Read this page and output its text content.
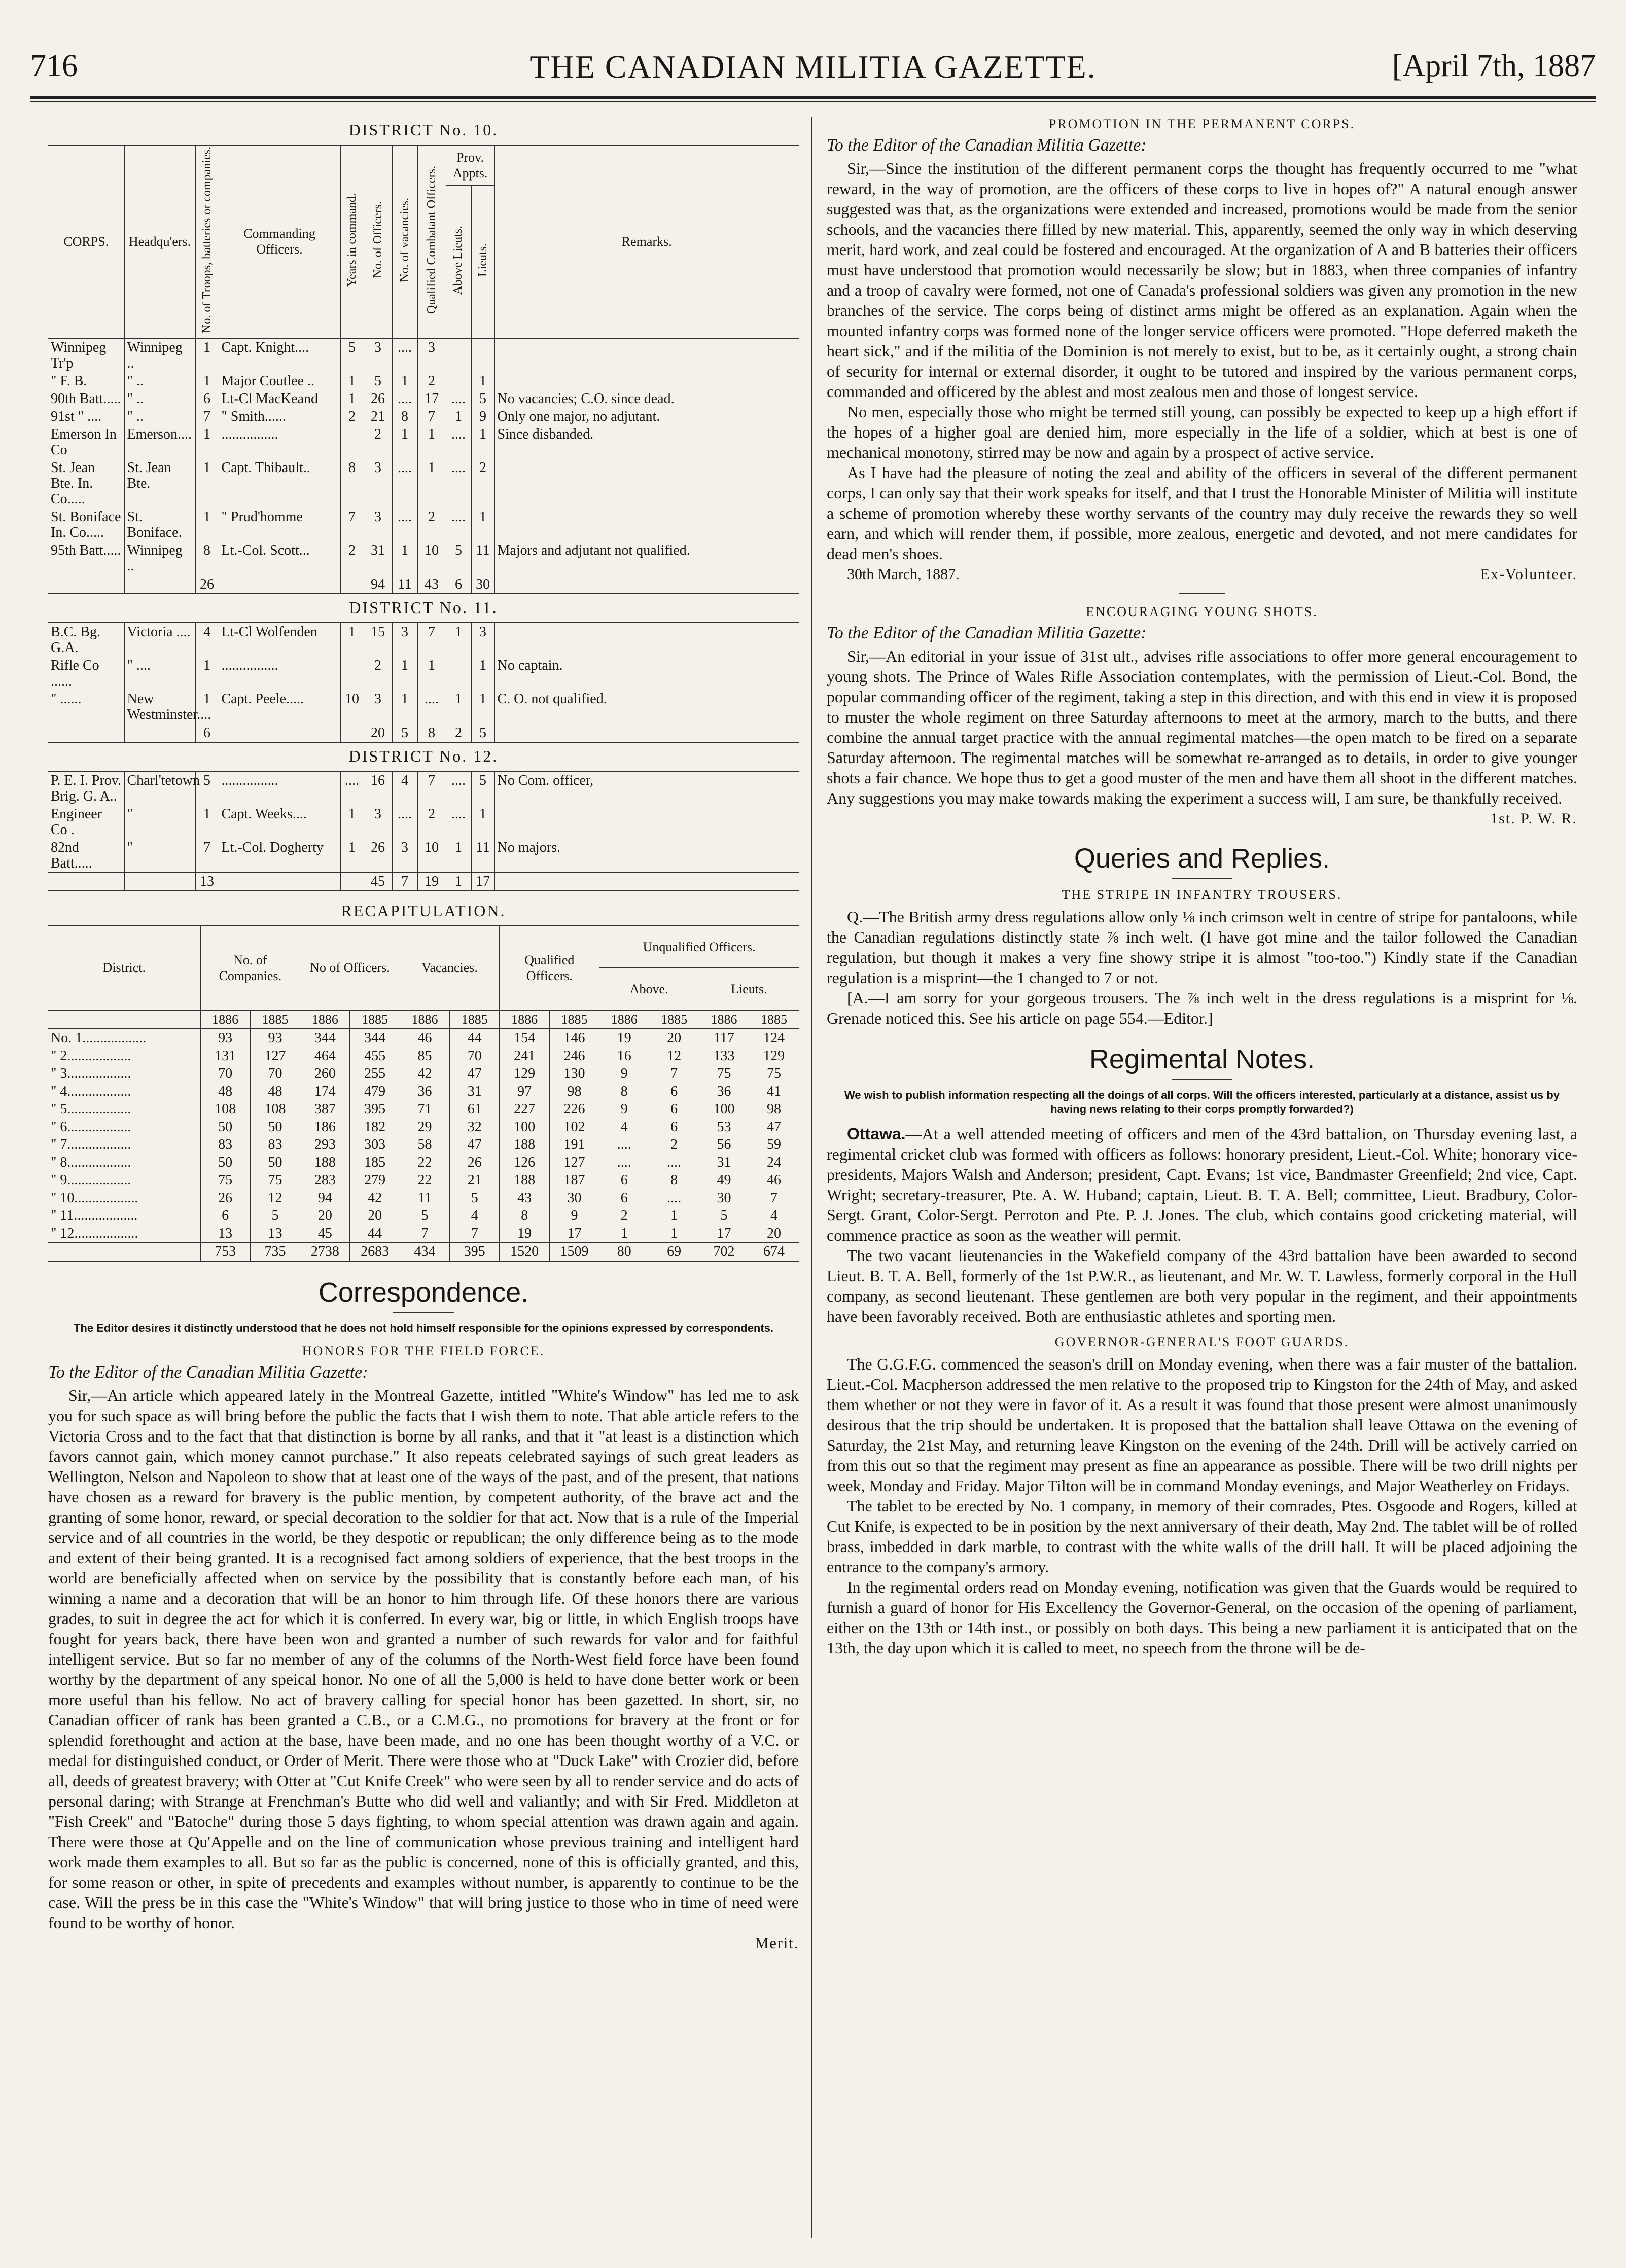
716	THE CANADIAN MILITIA GAZETTE.	[April 7th, 1887
DISTRICT No. 10.
CORPS.	Headqu'ers.	No. of Troops, batteries or companies.	Commanding Officers.	Years in command.	No. of Officers.	No. of vacancies.	Qualified Combatant Officers.	Prov. Appts.		Remarks.
								Above Lieuts.	Lieuts.	
Winnipeg Tr'p	Winnipeg ..	1	Capt. Knight....	5	3	....	3			
" F. B.	" ..	1	Major Coutlee ..	1	5	1	2		1	
90th Batt.....	" ..	6	Lt-Cl MacKeand	1	26	....	17	....	5	No vacancies; C.O. since dead.
91st " ....	" ..	7	" Smith......	2	21	8	7	1	9	Only one major, no adjutant.
Emerson In Co	Emerson....	1	................		2	1	1	....	1	Since disbanded.
St. Jean Bte. In. Co.....	St. Jean Bte.	1	Capt. Thibault..	8	3	....	1	....	2	
St. Boniface In. Co.....	St. Boniface.	1	" Prud'homme	7	3	....	2	....	1	
95th Batt.....	Winnipeg ..	8	Lt.-Col. Scott...	2	31	1	10	5	11	Majors and adjutant not qualified.
		26			94	11	43	6	30	
DISTRICT No. 11.
B.C. Bg. G.A.	Victoria ....	4	Lt-Cl Wolfenden	1	15	3	7	1	3	
Rifle Co ......	" ....	1	................		2	1	1		1	No captain.
" ......	New Westminster....	1	Capt. Peele.....	10	3	1	....	1	1	C. O. not qualified.
		6			20	5	8	2	5	
DISTRICT No. 12.
P. E. I. Prov. Brig. G. A..	Charl'tetown	5	................	....	16	4	7	....	5	No Com. officer,
Engineer Co .	"	1	Capt. Weeks....	1	3	....	2	....	1	
82nd Batt.....	"	7	Lt.-Col. Dogherty	1	26	3	10	1	11	No majors.
		13			45	7	19	1	17	
RECAPITULATION.
District.	No. of Companies.		No of Officers.		Vacancies.		Qualified Officers.		Unqualified Officers.			
									Above.		Lieuts.	
	1886	1885	1886	1885	1886	1885	1886	1885	1886	1885	1886	1885
No. 1..................	93	93	344	344	46	44	154	146	19	20	117	124
" 2..................	131	127	464	455	85	70	241	246	16	12	133	129
" 3..................	70	70	260	255	42	47	129	130	9	7	75	75
" 4..................	48	48	174	479	36	31	97	98	8	6	36	41
" 5..................	108	108	387	395	71	61	227	226	9	6	100	98
" 6..................	50	50	186	182	29	32	100	102	4	6	53	47
" 7..................	83	83	293	303	58	47	188	191	....	2	56	59
" 8..................	50	50	188	185	22	26	126	127	....	....	31	24
" 9..................	75	75	283	279	22	21	188	187	6	8	49	46
" 10..................	26	12	94	42	11	5	43	30	6	....	30	7
" 11..................	6	5	20	20	5	4	8	9	2	1	5	4
" 12..................	13	13	45	44	7	7	19	17	1	1	17	20
	753	735	2738	2683	434	395	1520	1509	80	69	702	674
Correspondence.
The Editor desires it distinctly understood that he does not hold himself responsible for the opinions expressed by correspondents.
HONORS FOR THE FIELD FORCE.
To the Editor of the Canadian Militia Gazette:

Sir,—An article which appeared lately in the Montreal Gazette, intitled "White's Window" has led me to ask you for such space as will bring before the public the facts that I wish them to note. That able article refers to the Victoria Cross and to the fact that that distinction is borne by all ranks, and that it "at least is a distinction which favors cannot gain, which money cannot purchase." It also repeats celebrated sayings of such great leaders as Wellington, Nelson and Napoleon to show that at least one of the ways of the past, and of the present, that nations have chosen as a reward for bravery is the public mention, by competent authority, of the brave act and the granting of some honor, reward, or special decoration to the soldier for that act. Now that is a rule of the Imperial service and of all countries in the world, be they despotic or republican; the only difference being as to the mode and extent of their being granted. It is a recognised fact among soldiers of experience, that the best troops in the world are beneficially affected when on service by the possibility that is constantly before each man, of his winning a name and a decoration that will be an honor to him through life. Of these honors there are various grades, to suit in degree the act for which it is conferred. In every war, big or little, in which English troops have fought for years back, there have been won and granted a number of such rewards for valor and for faithful intelligent service. But so far no member of any of the columns of the North-West field force have been found worthy by the department of any speical honor. No one of all the 5,000 is held to have done better work or been more useful than his fellow. No act of bravery calling for special honor has been gazetted. In short, sir, no Canadian officer of rank has been granted a C.B., or a C.M.G., no promotions for bravery at the front or for splendid forethought and action at the base, have been made, and no one has been thought worthy of a V.C. or medal for distinguished conduct, or Order of Merit. There were those who at "Duck Lake" with Crozier did, before all, deeds of greatest bravery; with Otter at "Cut Knife Creek" who were seen by all to render service and do acts of personal daring; with Strange at Frenchman's Butte who did well and valiantly; and with Sir Fred. Middleton at "Fish Creek" and "Batoche" during those 5 days fighting, to whom special attention was drawn again and again. There were those at Qu'Appelle and on the line of communication whose previous training and intelligent hard work made them examples to all. But so far as the public is concerned, none of this is officially granted, and this, for some reason or other, in spite of precedents and examples without number, is apparently to continue to be the case. Will the press be in this case the "White's Window" that will bring justice to those who in time of need were found to be worthy of honor.

Merit.
PROMOTION IN THE PERMANENT CORPS.
To the Editor of the Canadian Militia Gazette:

Sir,—Since the institution of the different permanent corps the thought has frequently occurred to me "what reward, in the way of promotion, are the officers of these corps to live in hopes of?" A natural enough answer suggested was that, as the organizations were extended and increased, promotions would be made from the senior schools, and the vacancies there filled by new material. This, apparently, seemed the only way in which deserving merit, hard work, and zeal could be fostered and encouraged. At the organization of A and B batteries their officers must have understood that promotion would necessarily be slow; but in 1883, when three companies of infantry and a troop of cavalry were formed, not one of Canada's professional soldiers was given any promotion in the new branches of the service. The corps being of distinct arms might be offered as an explanation. Again when the mounted infantry corps was formed none of the longer service officers were promoted. "Hope deferred maketh the heart sick," and if the militia of the Dominion is not merely to exist, but to be, as it certainly ought, a strong chain of security for internal or external disorder, it ought to be tutored and inspired by the various permanent corps, commanded and officered by the ablest and most zealous men and those of longest service.

No men, especially those who might be termed still young, can possibly be expected to keep up a high effort if the hopes of a higher goal are denied him, more especially in the life of a soldier, which at best is one of mechanical monotony, stirred may be now and again by a prospect of active service.

As I have had the pleasure of noting the zeal and ability of the officers in several of the different permanent corps, I can only say that their work speaks for itself, and that I trust the Honorable Minister of Militia will institute a scheme of promotion whereby these worthy servants of the country may duly receive the rewards they so well earn, and which will render them, if possible, more zealous, energetic and devoted, and not mere candidates for dead men's shoes.

30th March, 1887.	Ex-Volunteer.
ENCOURAGING YOUNG SHOTS.
To the Editor of the Canadian Militia Gazette:

Sir,—An editorial in your issue of 31st ult., advises rifle associations to offer more general encouragement to young shots. The Prince of Wales Rifle Association contemplates, with the permission of Lieut.-Col. Bond, the popular commanding officer of the regiment, taking a step in this direction, and with this end in view it is proposed to muster the whole regiment on three Saturday afternoons to meet at the armory, march to the butts, and there combine the annual target practice with the annual regimental matches—the open match to be fired on a separate Saturday afternoon. The regimental matches will be somewhat re-arranged as to details, in order to give younger shots a fair chance. We hope thus to get a good muster of the men and have them all shoot in the different matches. Any suggestions you may make towards making the experiment a success will, I am sure, be thankfully received.

1st. P. W. R.
Queries and Replies.
THE STRIPE IN INFANTRY TROUSERS.

Q.—The British army dress regulations allow only ⅛ inch crimson welt in centre of stripe for pantaloons, while the Canadian regulations distinctly state ⅞ inch welt. (I have got mine and the tailor followed the Canadian regulation, but though it makes a very fine showy stripe it is almost "too-too.") Kindly state if the Canadian regulation is a misprint—the 1 changed to 7 or not.

[A.—I am sorry for your gorgeous trousers. The ⅞ inch welt in the dress regulations is a misprint for ⅛. Grenade noticed this. See his article on page 554.—Editor.]

Regimental Notes.
We wish to publish information respecting all the doings of all corps. Will the officers interested, particularly at a distance, assist us by having news relating to their corps promptly forwarded?)

Ottawa.—At a well attended meeting of officers and men of the 43rd battalion, on Thursday evening last, a regimental cricket club was formed with officers as follows: honorary president, Lieut.-Col. White; honorary vice-presidents, Majors Walsh and Anderson; president, Capt. Evans; 1st vice, Bandmaster Greenfield; 2nd vice, Capt. Wright; secretary-treasurer, Pte. A. W. Huband; captain, Lieut. B. T. A. Bell; committee, Lieut. Bradbury, Color-Sergt. Grant, Color-Sergt. Perroton and Pte. P. J. Jones. The club, which contains good cricketing material, will commence practice as soon as the weather will permit.

The two vacant lieutenancies in the Wakefield company of the 43rd battalion have been awarded to second Lieut. B. T. A. Bell, formerly of the 1st P.W.R., as lieutenant, and Mr. W. T. Lawless, formerly corporal in the Hull company, as second lieutenant. These gentlemen are both very popular in the regiment, and their appointments have been favorably received. Both are enthusiastic athletes and sporting men.

GOVERNOR-GENERAL'S FOOT GUARDS.

The G.G.F.G. commenced the season's drill on Monday evening, when there was a fair muster of the battalion. Lieut.-Col. Macpherson addressed the men relative to the proposed trip to Kingston for the 24th of May, and asked them whether or not they were in favor of it. As a result it was found that those present were almost unanimously desirous that the trip should be undertaken. It is proposed that the battalion shall leave Ottawa on the evening of Saturday, the 21st May, and returning leave Kingston on the evening of the 24th. Drill will be actively carried on from this out so that the regiment may present as fine an appearance as possible. There will be two drill nights per week, Monday and Friday. Major Tilton will be in command Monday evenings, and Major Weatherley on Fridays.

The tablet to be erected by No. 1 company, in memory of their comrades, Ptes. Osgoode and Rogers, killed at Cut Knife, is expected to be in position by the next anniversary of their death, May 2nd. The tablet will be of rolled brass, imbedded in dark marble, to contrast with the white walls of the drill hall. It will be placed adjoining the entrance to the company's armory.

In the regimental orders read on Monday evening, notification was given that the Guards would be required to furnish a guard of honor for His Excellency the Governor-General, on the occasion of the opening of parliament, either on the 13th or 14th inst., or possibly on both days. This being a new parliament it is anticipated that on the 13th, the day upon which it is called to meet, no speech from the throne will be de-
